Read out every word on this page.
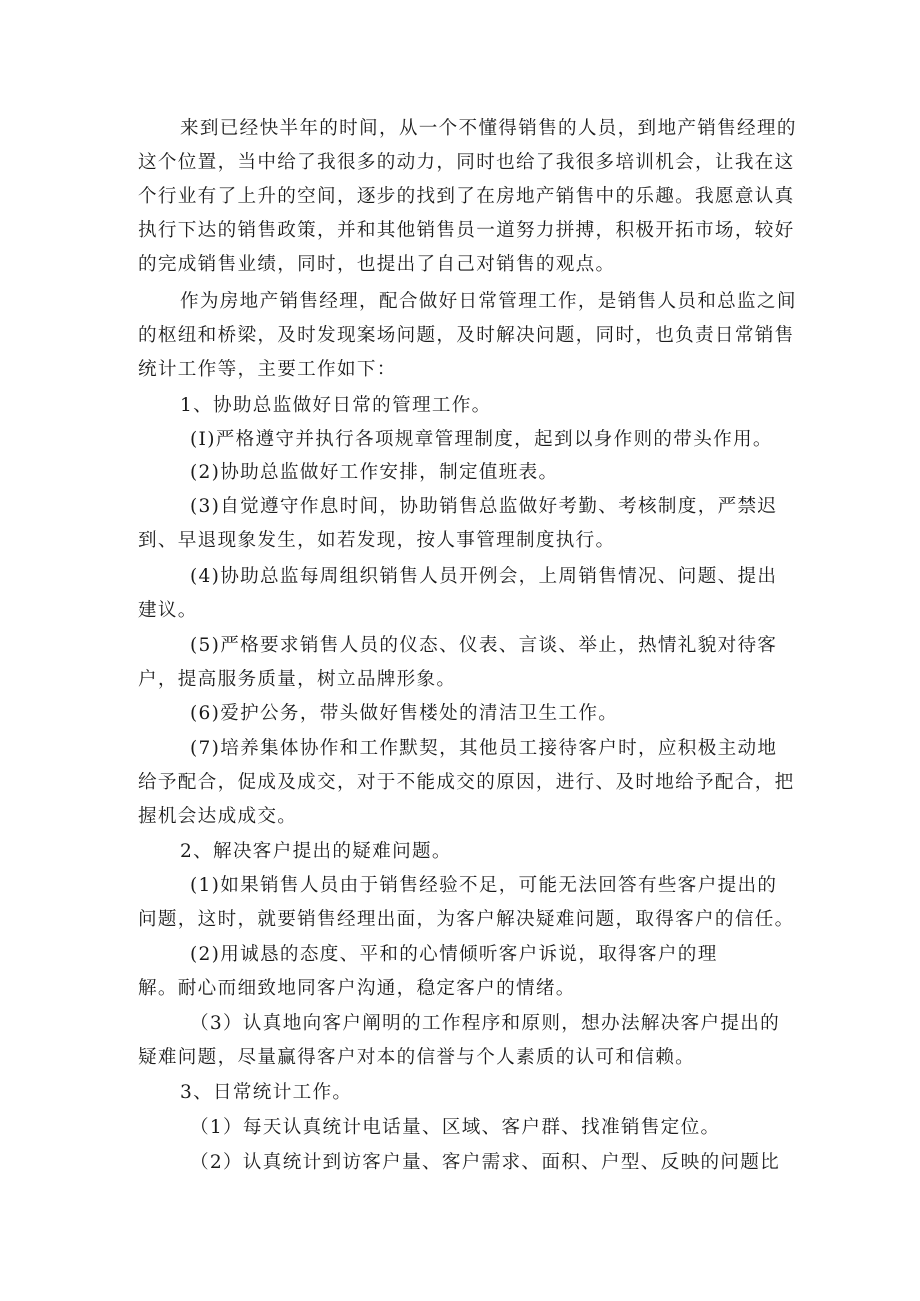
来到已经快半年的时间，从一个不懂得销售的人员，到地产销售经理的
这个位置，当中给了我很多的动力，同时也给了我很多培训机会，让我在这
个行业有了上升的空间，逐步的找到了在房地产销售中的乐趣。我愿意认真
执行下达的销售政策，并和其他销售员一道努力拼搏，积极开拓市场，较好
的完成销售业绩，同时，也提出了自己对销售的观点。
作为房地产销售经理，配合做好日常管理工作，是销售人员和总监之间
的枢纽和桥梁，及时发现案场问题，及时解决问题，同时，也负责日常销售
统计工作等，主要工作如下：
1、协助总监做好日常的管理工作。
(I)严格遵守并执行各项规章管理制度，起到以身作则的带头作用。
(2)协助总监做好工作安排，制定值班表。
(3)自觉遵守作息时间，协助销售总监做好考勤、考核制度，严禁迟
到、早退现象发生，如若发现，按人事管理制度执行。
(4)协助总监每周组织销售人员开例会，上周销售情况、问题、提出
建议。
(5)严格要求销售人员的仪态、仪表、言谈、举止，热情礼貌对待客
户，提高服务质量，树立品牌形象。
(6)爱护公务，带头做好售楼处的清洁卫生工作。
(7)培养集体协作和工作默契，其他员工接待客户时，应积极主动地
给予配合，促成及成交，对于不能成交的原因，进行、及时地给予配合，把
握机会达成成交。
2、解决客户提出的疑难问题。
(1)如果销售人员由于销售经验不足，可能无法回答有些客户提出的
问题，这时，就要销售经理出面，为客户解决疑难问题，取得客户的信任。
(2)用诚恳的态度、平和的心情倾听客户诉说，取得客户的理
解。耐心而细致地同客户沟通，稳定客户的情绪。
（3）认真地向客户阐明的工作程序和原则，想办法解决客户提出的
疑难问题，尽量赢得客户对本的信誉与个人素质的认可和信赖。
3、日常统计工作。
（1）每天认真统计电话量、区域、客户群、找准销售定位。
（2）认真统计到访客户量、客户需求、面积、户型、反映的问题比
